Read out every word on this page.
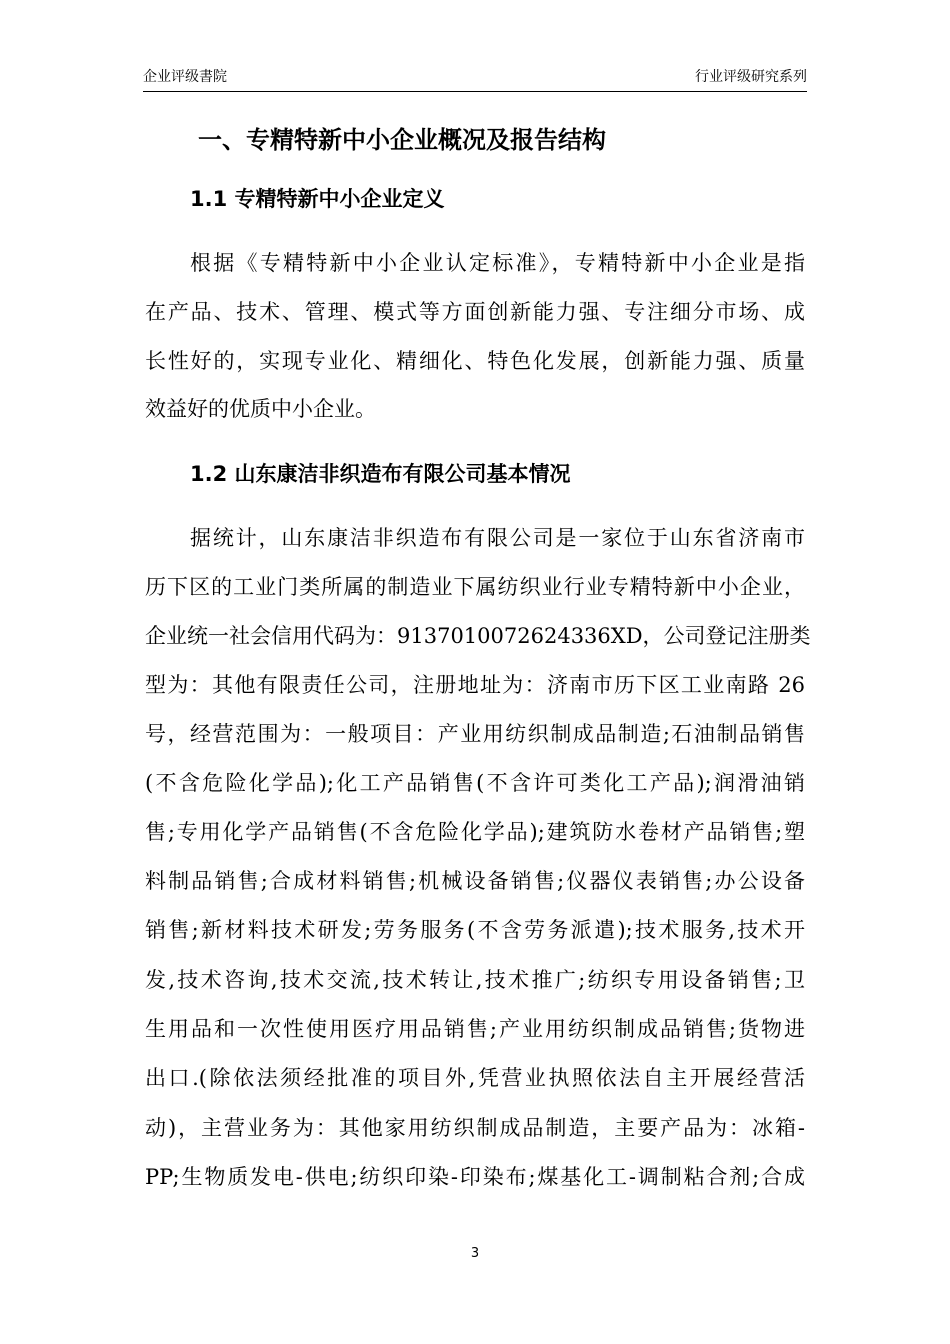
企业评级書院	行业评级研究系列
一、专精特新中小企业概况及报告结构
1.1 专精特新中小企业定义
根据《专精特新中小企业认定标准》，专精特新中小企业是指
在产品、技术、管理、模式等方面创新能力强、专注细分市场、成
长性好的，实现专业化、精细化、特色化发展，创新能力强、质量
效益好的优质中小企业。
1.2 山东康洁非织造布有限公司基本情况
据统计，山东康洁非织造布有限公司是一家位于山东省济南市
历下区的工业门类所属的制造业下属纺织业行业专精特新中小企业，
企业统一社会信用代码为：9137010072624336XD，公司登记注册类
型为：其他有限责任公司，注册地址为：济南市历下区工业南路 26
号，经营范围为：一般项目：产业用纺织制成品制造;石油制品销售
(不含危险化学品);化工产品销售(不含许可类化工产品);润滑油销
售;专用化学产品销售(不含危险化学品);建筑防水卷材产品销售;塑
料制品销售;合成材料销售;机械设备销售;仪器仪表销售;办公设备
销售;新材料技术研发;劳务服务(不含劳务派遣);技术服务,技术开
发,技术咨询,技术交流,技术转让,技术推广;纺织专用设备销售;卫
生用品和一次性使用医疗用品销售;产业用纺织制成品销售;货物进
出口.(除依法须经批准的项目外,凭营业执照依法自主开展经营活
动)，主营业务为：其他家用纺织制成品制造，主要产品为：冰箱-
PP;生物质发电-供电;纺织印染-印染布;煤基化工-调制粘合剂;合成
3
